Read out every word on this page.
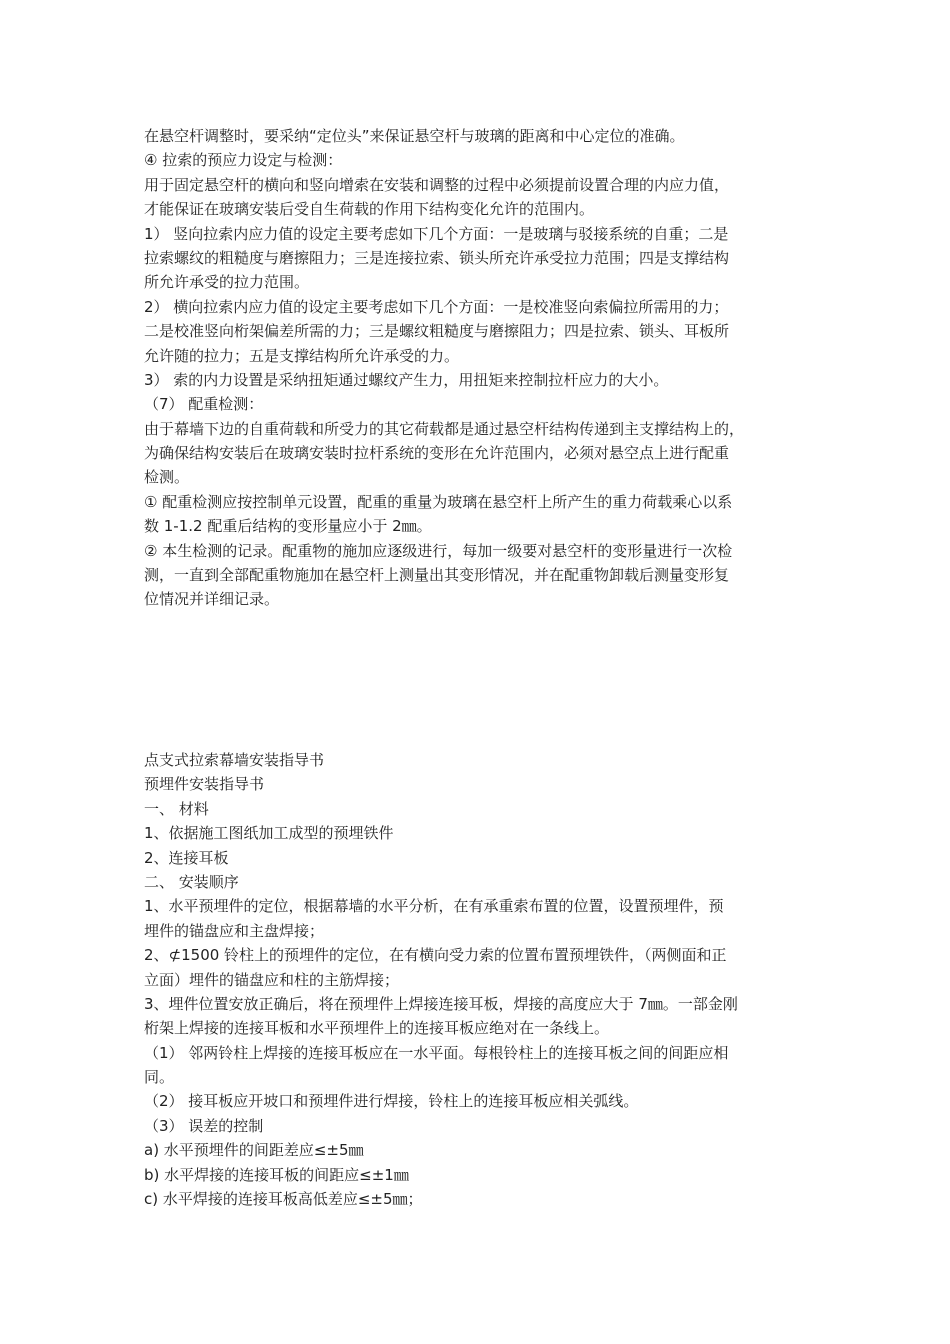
在悬空杆调整时，要采纳“定位头”来保证悬空杆与玻璃的距离和中心定位的准确。

④ 拉索的预应力设定与检测：

用于固定悬空杆的横向和竖向增索在安装和调整的过程中必须提前设置合理的内应力值，

才能保证在玻璃安装后受自生荷载的作用下结构变化允许的范围内。

1） 竖向拉索内应力值的设定主要考虑如下几个方面：一是玻璃与驳接系统的自重；二是

拉索螺纹的粗糙度与磨擦阻力；三是连接拉索、锁头所充许承受拉力范围；四是支撑结构

所允许承受的拉力范围。

2） 横向拉索内应力值的设定主要考虑如下几个方面：一是校准竖向索偏拉所需用的力；

二是校准竖向桁架偏差所需的力；三是螺纹粗糙度与磨擦阻力；四是拉索、锁头、耳板所

允许随的拉力；五是支撑结构所允许承受的力。

3） 索的内力设置是采纳扭矩通过螺纹产生力，用扭矩来控制拉杆应力的大小。

（7） 配重检测：

由于幕墙下边的自重荷载和所受力的其它荷载都是通过悬空杆结构传递到主支撑结构上的，

为确保结构安装后在玻璃安装时拉杆系统的变形在允许范围内，必须对悬空点上进行配重

检测。

① 配重检测应按控制单元设置，配重的重量为玻璃在悬空杆上所产生的重力荷载乘心以系

数 1-1.2 配重后结构的变形量应小于 2㎜。

② 本生检测的记录。配重物的施加应逐级进行，每加一级要对悬空杆的变形量进行一次检

测，一直到全部配重物施加在悬空杆上测量出其变形情况，并在配重物卸载后测量变形复

位情况并详细记录。

点支式拉索幕墙安装指导书

预埋件安装指导书

一、 材料

1、依据施工图纸加工成型的预埋铁件

2、连接耳板

二、 安装顺序

1、水平预埋件的定位，根据幕墙的水平分析，在有承重索布置的位置，设置预埋件，预

埋件的锚盘应和主盘焊接；

2、⊄1500 铃柱上的预埋件的定位，在有横向受力索的位置布置预埋铁件，（两侧面和正

立面）埋件的锚盘应和柱的主筋焊接；

3、埋件位置安放正确后，将在预埋件上焊接连接耳板，焊接的高度应大于 7㎜。一部金刚

桁架上焊接的连接耳板和水平预埋件上的连接耳板应绝对在一条线上。

（1） 邻两铃柱上焊接的连接耳板应在一水平面。每根铃柱上的连接耳板之间的间距应相

同。

（2） 接耳板应开坡口和预埋件进行焊接，铃柱上的连接耳板应相关弧线。

（3） 误差的控制

a) 水平预埋件的间距差应≤±5㎜

b) 水平焊接的连接耳板的间距应≤±1㎜

c) 水平焊接的连接耳板高低差应≤±5㎜；
